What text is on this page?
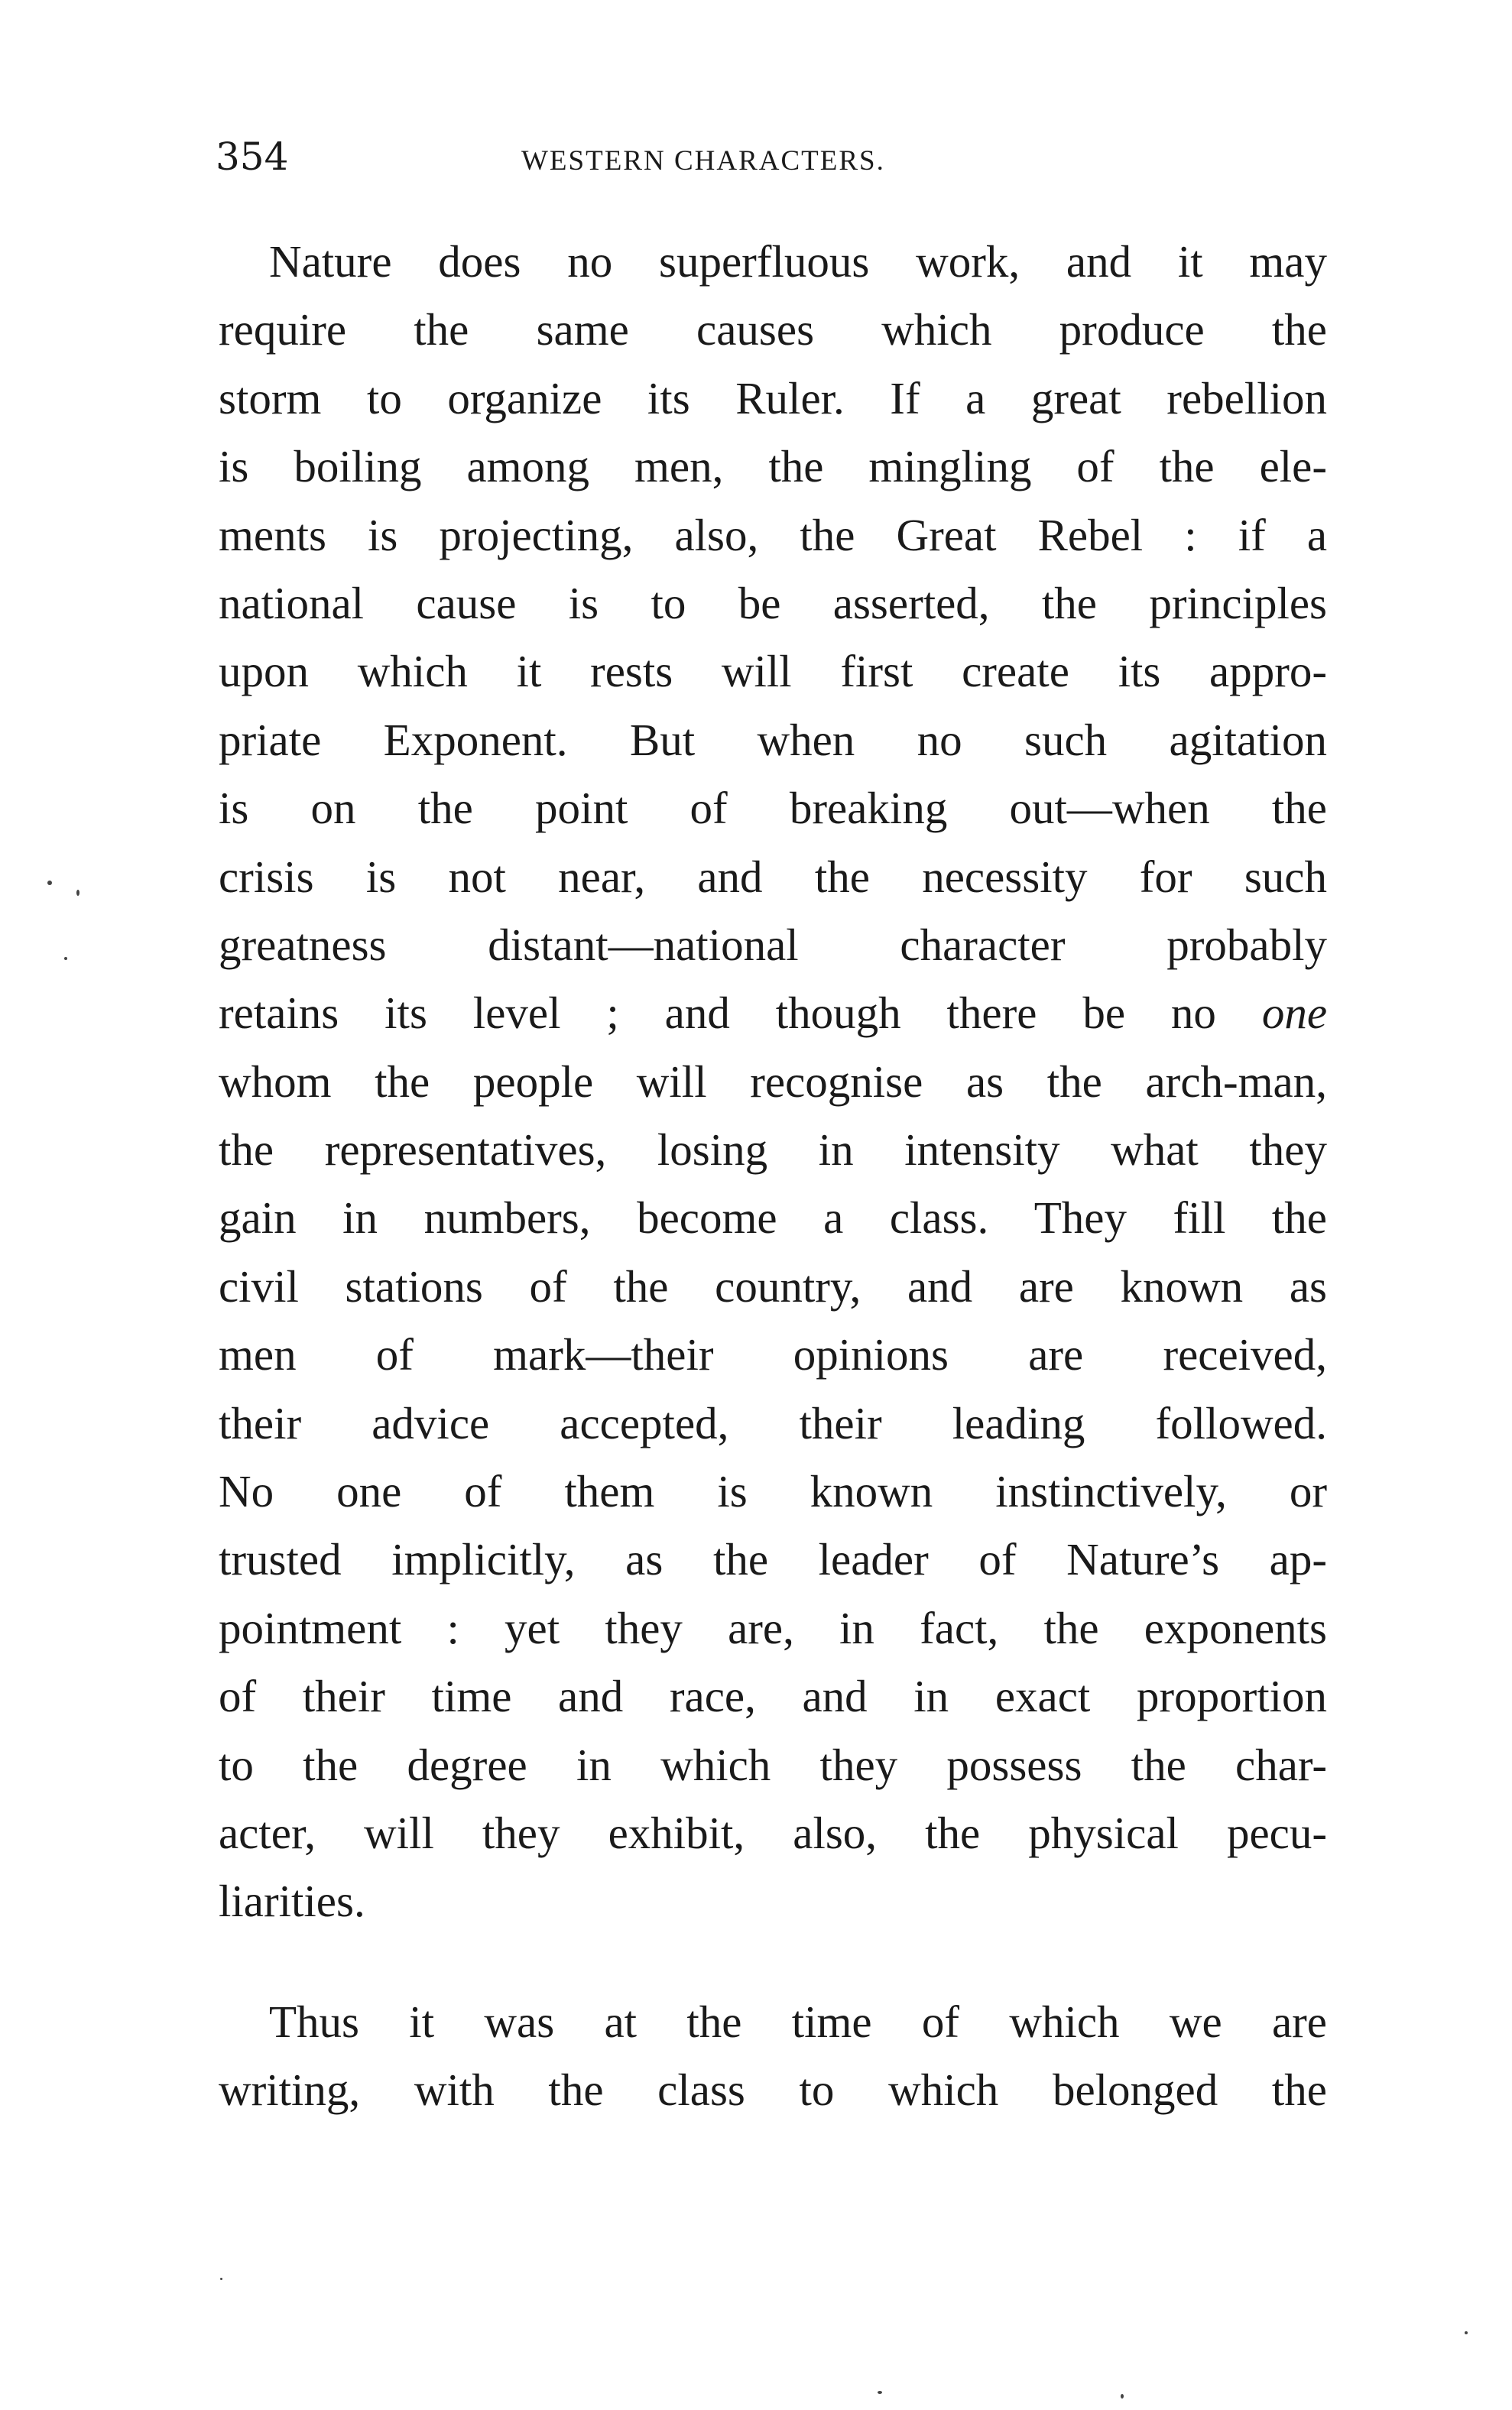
354	WESTERN CHARACTERS.
Nature does no superfluous work, and it may
require the same causes which produce the
storm to organize its Ruler. If a great rebellion
is boiling among men, the mingling of the ele-
ments is projecting, also, the Great Rebel : if a
national cause is to be asserted, the principles
upon which it rests will first create its appro-
priate Exponent. But when no such agitation
is on the point of breaking out—when the
crisis is not near, and the necessity for such
greatness distant—national character probably
retains its level ; and though there be no one
whom the people will recognise as the arch-man,
the representatives, losing in intensity what they
gain in numbers, become a class. They fill the
civil stations of the country, and are known as
men of mark—their opinions are received,
their advice accepted, their leading followed.
No one of them is known instinctively, or
trusted implicitly, as the leader of Nature’s ap-
pointment : yet they are, in fact, the exponents
of their time and race, and in exact proportion
to the degree in which they possess the char-
acter, will they exhibit, also, the physical pecu-
liarities.
Thus it was at the time of which we are
writing, with the class to which belonged the
